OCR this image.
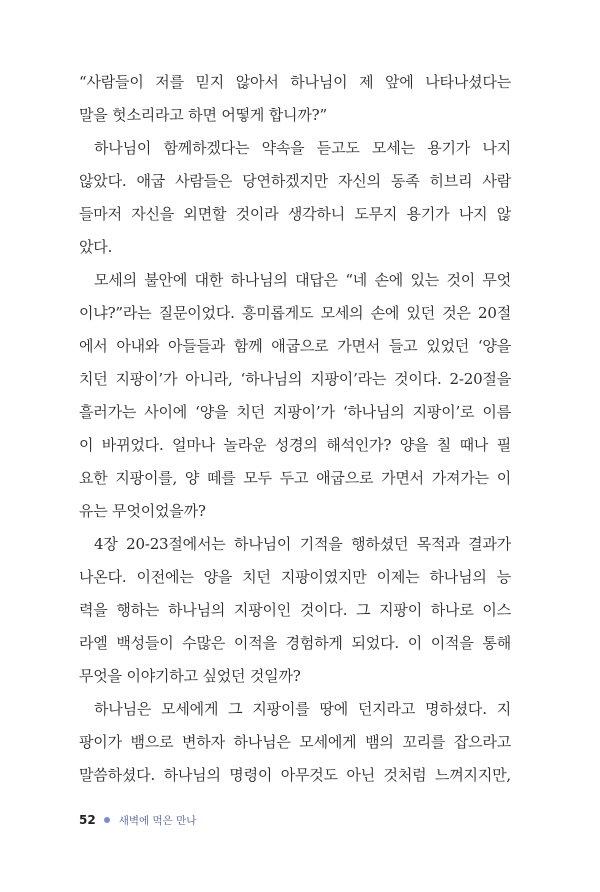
“사람들이 저를 믿지 않아서 하나님이 제 앞에 나타나셨다는
말을 헛소리라고 하면 어떻게 합니까?”
하나님이 함께하겠다는 약속을 듣고도 모세는 용기가 나지
않았다. 애굽 사람들은 당연하겠지만 자신의 동족 히브리 사람
들마저 자신을 외면할 것이라 생각하니 도무지 용기가 나지 않
았다.
모세의 불안에 대한 하나님의 대답은 “네 손에 있는 것이 무엇
이냐?”라는 질문이었다. 흥미롭게도 모세의 손에 있던 것은 20절
에서 아내와 아들들과 함께 애굽으로 가면서 들고 있었던 ‘양을
치던 지팡이’가 아니라, ‘하나님의 지팡이’라는 것이다. 2-20절을
흘러가는 사이에 ‘양을 치던 지팡이’가 ‘하나님의 지팡이’로 이름
이 바뀌었다. 얼마나 놀라운 성경의 해석인가? 양을 칠 때나 필
요한 지팡이를, 양 떼를 모두 두고 애굽으로 가면서 가져가는 이
유는 무엇이었을까?
4장 20-23절에서는 하나님이 기적을 행하셨던 목적과 결과가
나온다. 이전에는 양을 치던 지팡이였지만 이제는 하나님의 능
력을 행하는 하나님의 지팡이인 것이다. 그 지팡이 하나로 이스
라엘 백성들이 수많은 이적을 경험하게 되었다. 이 이적을 통해
무엇을 이야기하고 싶었던 것일까?
하나님은 모세에게 그 지팡이를 땅에 던지라고 명하셨다. 지
팡이가 뱀으로 변하자 하나님은 모세에게 뱀의 꼬리를 잡으라고
말씀하셨다. 하나님의 명령이 아무것도 아닌 것처럼 느껴지지만,
52 새벽에 먹은 만나
